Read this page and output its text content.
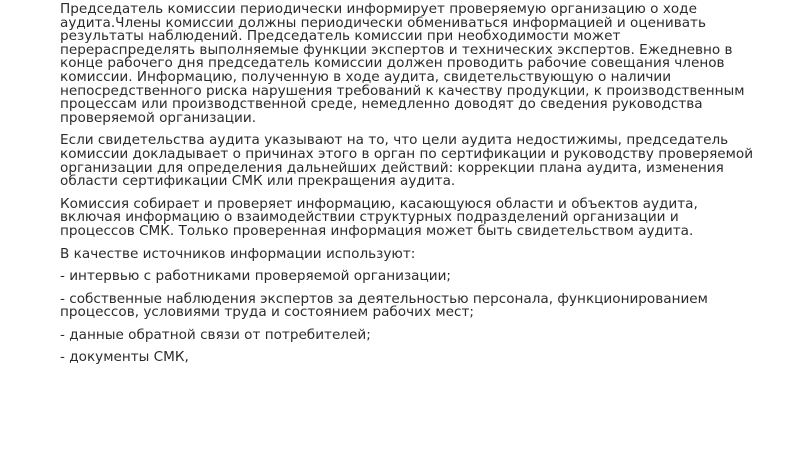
Председатель комиссии периодически информирует проверяемую организацию о ходе аудита.Члены комиссии должны периодически обмениваться информацией и оценивать результаты наблюдений. Председатель комиссии при необходимости может перераспределять выполняемые функции экспертов и технических экспертов. Ежедневно в конце рабочего дня председатель комиссии должен проводить рабочие совещания членов комиссии. Информацию, полученную в ходе аудита, свидетельствующую о наличии непосредственного риска нарушения требований к качеству продукции, к производственным процессам или производственной среде, немедленно доводят до сведения руководства проверяемой организации.

Если свидетельства аудита указывают на то, что цели аудита недостижимы, председатель комиссии докладывает о причинах этого в орган по сертификации и руководству проверяемой организации для определения дальнейших действий: коррекции плана аудита, изменения области сертификации СМК или прекращения аудита.

Комиссия собирает и проверяет информацию, касающуюся области и объектов аудита, включая информацию о взаимодействии структурных подразделений организации и процессов СМК. Только проверенная информация может быть свидетельством аудита.

В качестве источников информации используют:

- интервью с работниками проверяемой организации;

- собственные наблюдения экспертов за деятельностью персонала, функционированием процессов, условиями труда и состоянием рабочих мест;

- данные обратной связи от потребителей;

- документы СМК,
